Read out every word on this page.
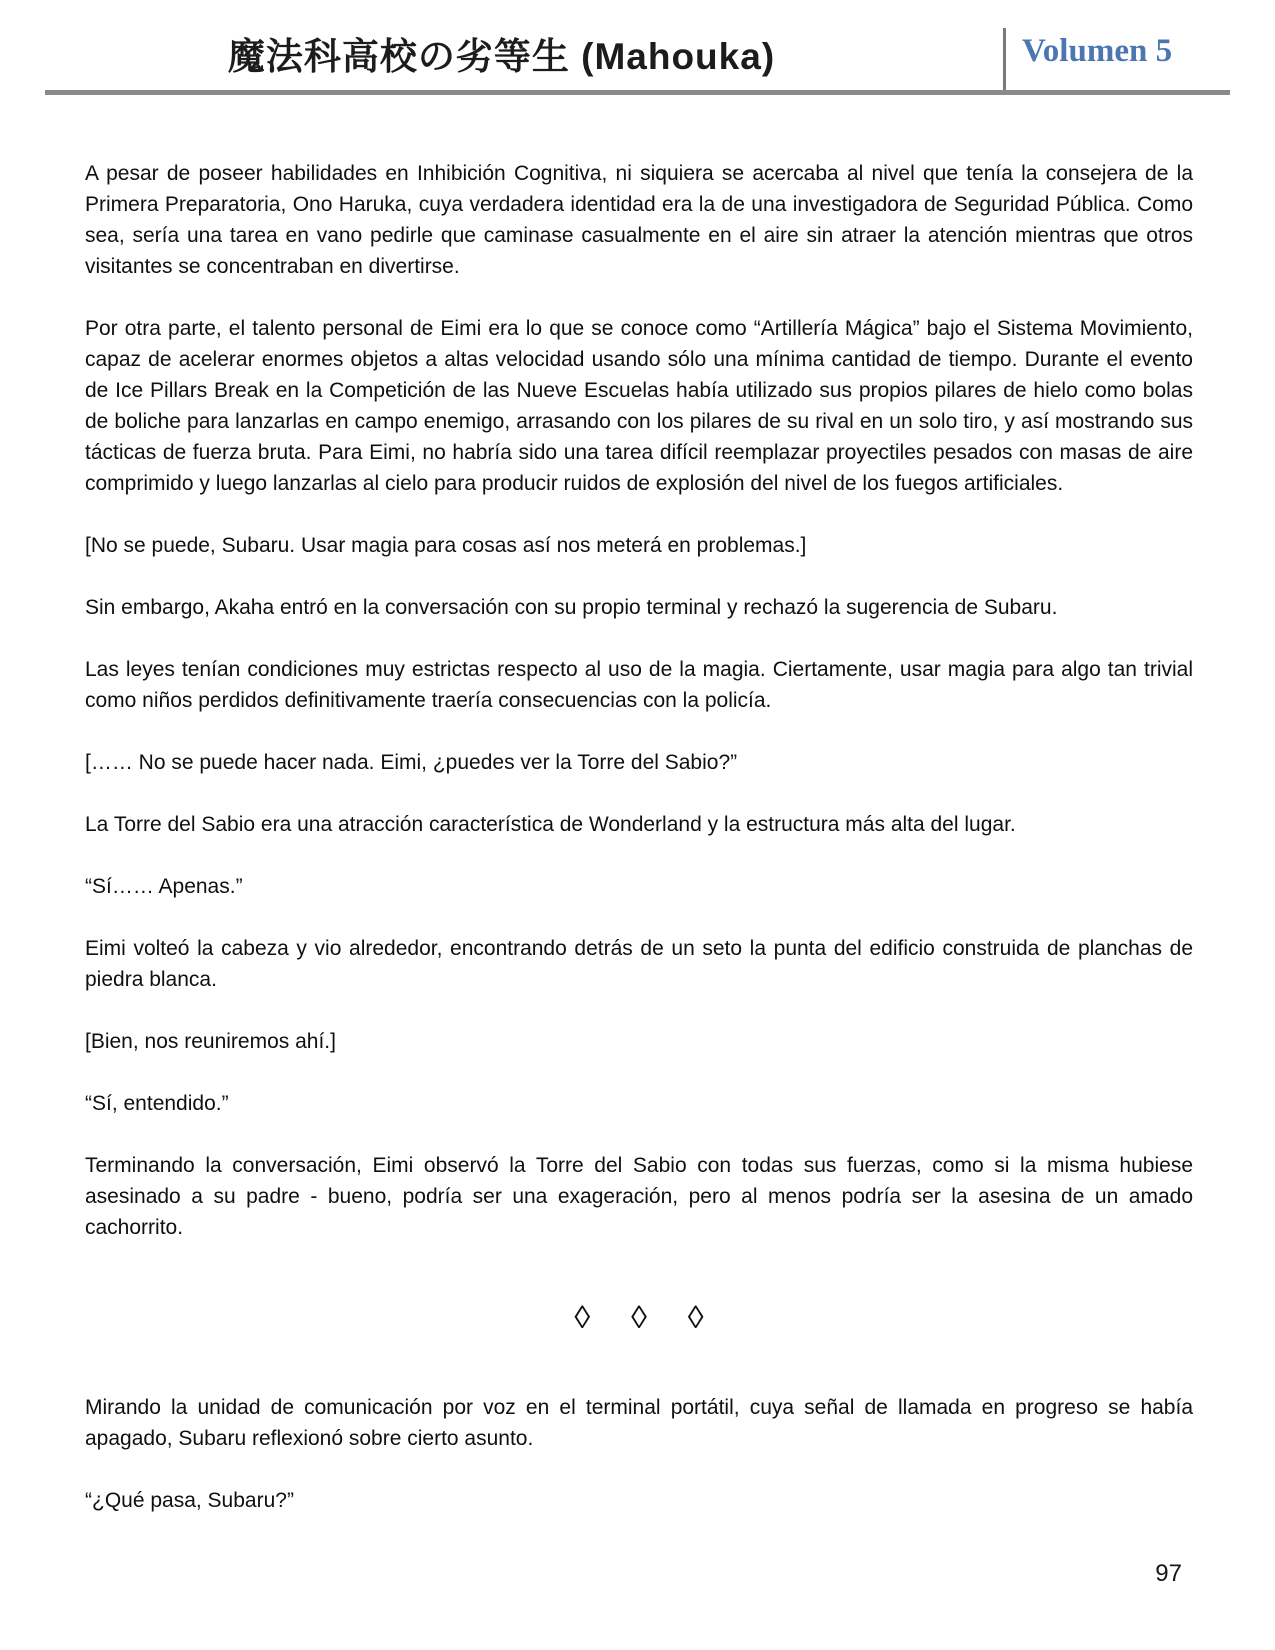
魔法科高校の劣等生 (Mahouka)	Volumen 5

A pesar de poseer habilidades en Inhibición Cognitiva, ni siquiera se acercaba al nivel que tenía la consejera de la Primera Preparatoria, Ono Haruka, cuya verdadera identidad era la de una investigadora de Seguridad Pública. Como sea, sería una tarea en vano pedirle que caminase casualmente en el aire sin atraer la atención mientras que otros visitantes se concentraban en divertirse.

Por otra parte, el talento personal de Eimi era lo que se conoce como “Artillería Mágica” bajo el Sistema Movimiento, capaz de acelerar enormes objetos a altas velocidad usando sólo una mínima cantidad de tiempo. Durante el evento de Ice Pillars Break en la Competición de las Nueve Escuelas había utilizado sus propios pilares de hielo como bolas de boliche para lanzarlas en campo enemigo, arrasando con los pilares de su rival en un solo tiro, y así mostrando sus tácticas de fuerza bruta. Para Eimi, no habría sido una tarea difícil reemplazar proyectiles pesados con masas de aire comprimido y luego lanzarlas al cielo para producir ruidos de explosión del nivel de los fuegos artificiales.

[No se puede, Subaru. Usar magia para cosas así nos meterá en problemas.]

Sin embargo, Akaha entró en la conversación con su propio terminal y rechazó la sugerencia de Subaru.

Las leyes tenían condiciones muy estrictas respecto al uso de la magia. Ciertamente, usar magia para algo tan trivial como niños perdidos definitivamente traería consecuencias con la policía.

[…… No se puede hacer nada. Eimi, ¿puedes ver la Torre del Sabio?”

La Torre del Sabio era una atracción característica de Wonderland y la estructura más alta del lugar.

“Sí…… Apenas.”

Eimi volteó la cabeza y vio alrededor, encontrando detrás de un seto la punta del edificio construida de planchas de piedra blanca.

[Bien, nos reuniremos ahí.]

“Sí, entendido.”

Terminando la conversación, Eimi observó la Torre del Sabio con todas sus fuerzas, como si la misma hubiese asesinado a su padre - bueno, podría ser una exageración, pero al menos podría ser la asesina de un amado cachorrito.

◊ ◊ ◊

Mirando la unidad de comunicación por voz en el terminal portátil, cuya señal de llamada en progreso se había apagado, Subaru reflexionó sobre cierto asunto.

“¿Qué pasa, Subaru?”

97
